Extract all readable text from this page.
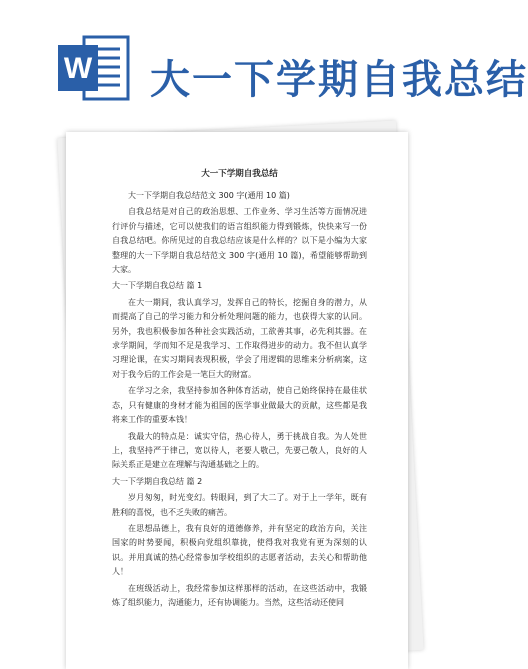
W 大一下学期自我总结
大一下学期自我总结

大一下学期自我总结范文 300 字(通用 10 篇)

自我总结是对自己的政治思想、工作业务、学习生活等方面情况进行评价与描述，它可以使我们的语言组织能力得到锻炼，快快来写一份自我总结吧。你所见过的自我总结应该是什么样的？以下是小编为大家整理的大一下学期自我总结范文 300 字(通用 10 篇)，希望能够帮助到大家。

大一下学期自我总结 篇 1

在大一期间，我认真学习，发挥自己的特长，挖掘自身的潜力，从而提高了自己的学习能力和分析处理问题的能力，也获得大家的认同。另外，我也积极参加各种社会实践活动，工欲善其事，必先利其器。在求学期间，学而知不足是我学习、工作取得进步的动力。我不但认真学习理论课，在实习期间表现积极，学会了用逻辑的思维来分析病案，这对于我今后的工作会是一笔巨大的财富。

在学习之余，我坚持参加各种体育活动，使自己始终保持在最佳状态，只有健康的身材才能为祖国的医学事业做最大的贡献，这些都是我将来工作的重要本钱！

我最大的特点是：诚实守信，热心待人，勇于挑战自我。为人处世上，我坚持严于律己，宽以待人，老要人敬己，先要己敬人，良好的人际关系正是建立在理解与沟通基础之上的。

大一下学期自我总结 篇 2

岁月匆匆，时光变幻。转眼间，到了大二了。对于上一学年，既有胜利的喜悦，也不乏失败的痛苦。

在思想品德上，我有良好的道德修养，并有坚定的政治方向，关注国家的时势要闻，积极向党组织靠拢，使得我对我党有更为深刻的认识。并用真诚的热心经常参加学校组织的志愿者活动，去关心和帮助他人！

在班级活动上，我经常参加这样那样的活动，在这些活动中，我锻炼了组织能力，沟通能力，还有协调能力。当然，这些活动还使同
